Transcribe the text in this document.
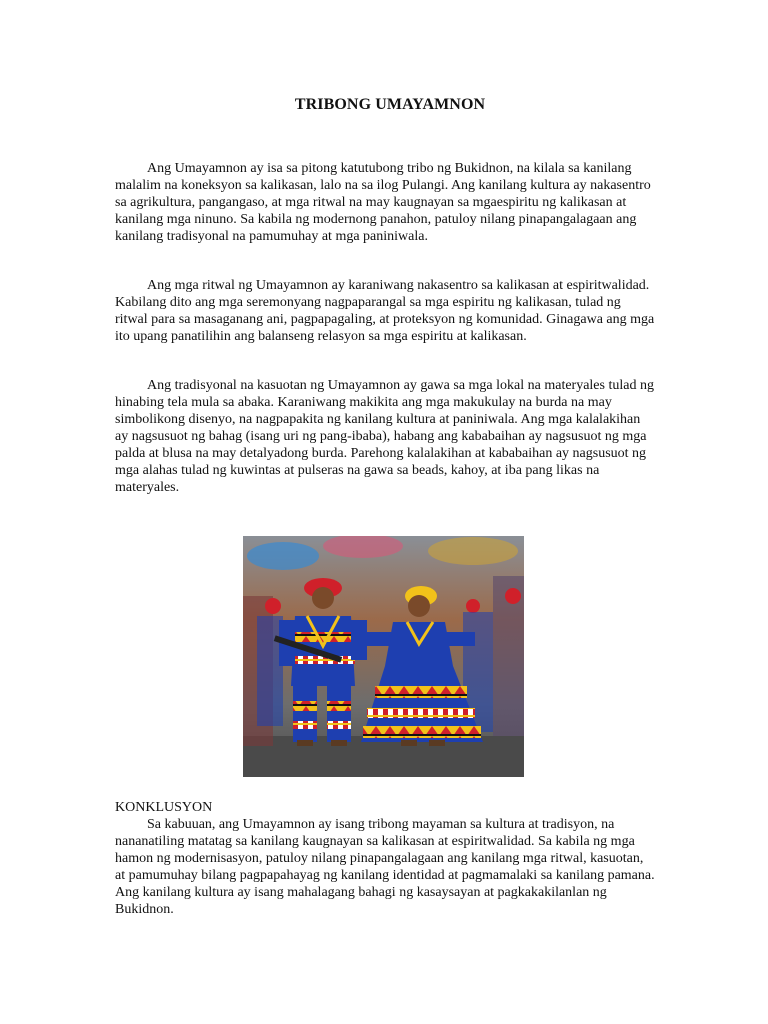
TRIBONG UMAYAMNON

Ang Umayamnon ay isa sa pitong katutubong tribo ng Bukidnon, na kilala sa kanilang malalim na koneksyon sa kalikasan, lalo na sa ilog Pulangi. Ang kanilang kultura ay nakasentro sa agrikultura, pangangaso, at mga ritwal na may kaugnayan sa mgaespiritu ng kalikasan at kanilang mga ninuno. Sa kabila ng modernong panahon, patuloy nilang pinapangalagaan ang kanilang tradisyonal na pamumuhay at mga paniniwala.

Ang mga ritwal ng Umayamnon ay karaniwang nakasentro sa kalikasan at espiritwalidad. Kabilang dito ang mga seremonyang nagpaparangal sa mga espiritu ng kalikasan, tulad ng ritwal para sa masaganang ani, pagpapagaling, at proteksyon ng komunidad. Ginagawa ang mga ito upang panatilihin ang balanseng relasyon sa mga espiritu at kalikasan.

Ang tradisyonal na kasuotan ng Umayamnon ay gawa sa mga lokal na materyales tulad ng hinabing tela mula sa abaka. Karaniwang makikita ang mga makukulay na burda na may simbolikong disenyo, na nagpapakita ng kanilang kultura at paniniwala. Ang mga kalalakihan ay nagsusuot ng bahag (isang uri ng pang-ibaba), habang ang kababaihan ay nagsusuot ng mga palda at blusa na may detalyadong burda. Parehong kalalakihan at kababaihan ay nagsusuot ng mga alahas tulad ng kuwintas at pulseras na gawa sa beads, kahoy, at iba pang likas na materyales.

KONKLUSYON

Sa kabuuan, ang Umayamnon ay isang tribong mayaman sa kultura at tradisyon, na nananatiling matatag sa kanilang kaugnayan sa kalikasan at espiritwalidad. Sa kabila ng mga hamon ng modernisasyon, patuloy nilang pinapangalagaan ang kanilang mga ritwal, kasuotan, at pamumuhay bilang pagpapahayag ng kanilang identidad at pagmamalaki sa kanilang pamana. Ang kanilang kultura ay isang mahalagang bahagi ng kasaysayan at pagkakakilanlan ng Bukidnon.
